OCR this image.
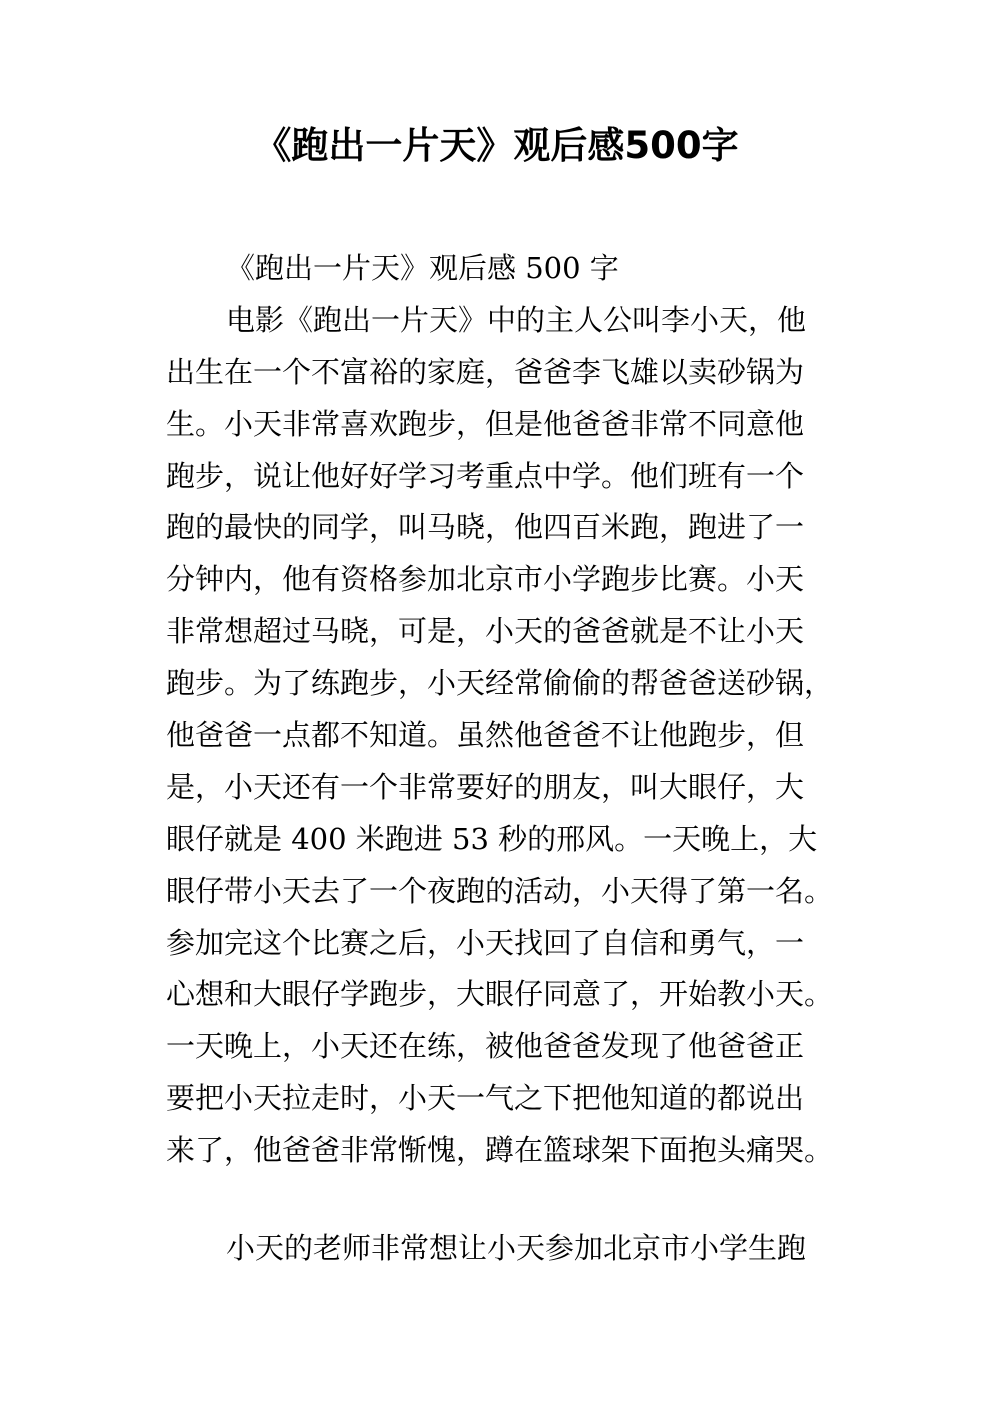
《跑出一片天》观后感500字
《跑出一片天》观后感 500 字
电影《跑出一片天》中的主人公叫李小天，他
出生在一个不富裕的家庭，爸爸李飞雄以卖砂锅为
生。小天非常喜欢跑步，但是他爸爸非常不同意他
跑步，说让他好好学习考重点中学。他们班有一个
跑的最快的同学，叫马晓，他四百米跑，跑进了一
分钟内，他有资格参加北京市小学跑步比赛。小天
非常想超过马晓，可是，小天的爸爸就是不让小天
跑步。为了练跑步，小天经常偷偷的帮爸爸送砂锅，
他爸爸一点都不知道。虽然他爸爸不让他跑步，但
是，小天还有一个非常要好的朋友，叫大眼仔，大
眼仔就是 400 米跑进 53 秒的邢风。一天晚上，大
眼仔带小天去了一个夜跑的活动，小天得了第一名。
参加完这个比赛之后，小天找回了自信和勇气，一
心想和大眼仔学跑步，大眼仔同意了，开始教小天。
一天晚上，小天还在练，被他爸爸发现了他爸爸正
要把小天拉走时，小天一气之下把他知道的都说出
来了，他爸爸非常惭愧，蹲在篮球架下面抱头痛哭。
小天的老师非常想让小天参加北京市小学生跑
